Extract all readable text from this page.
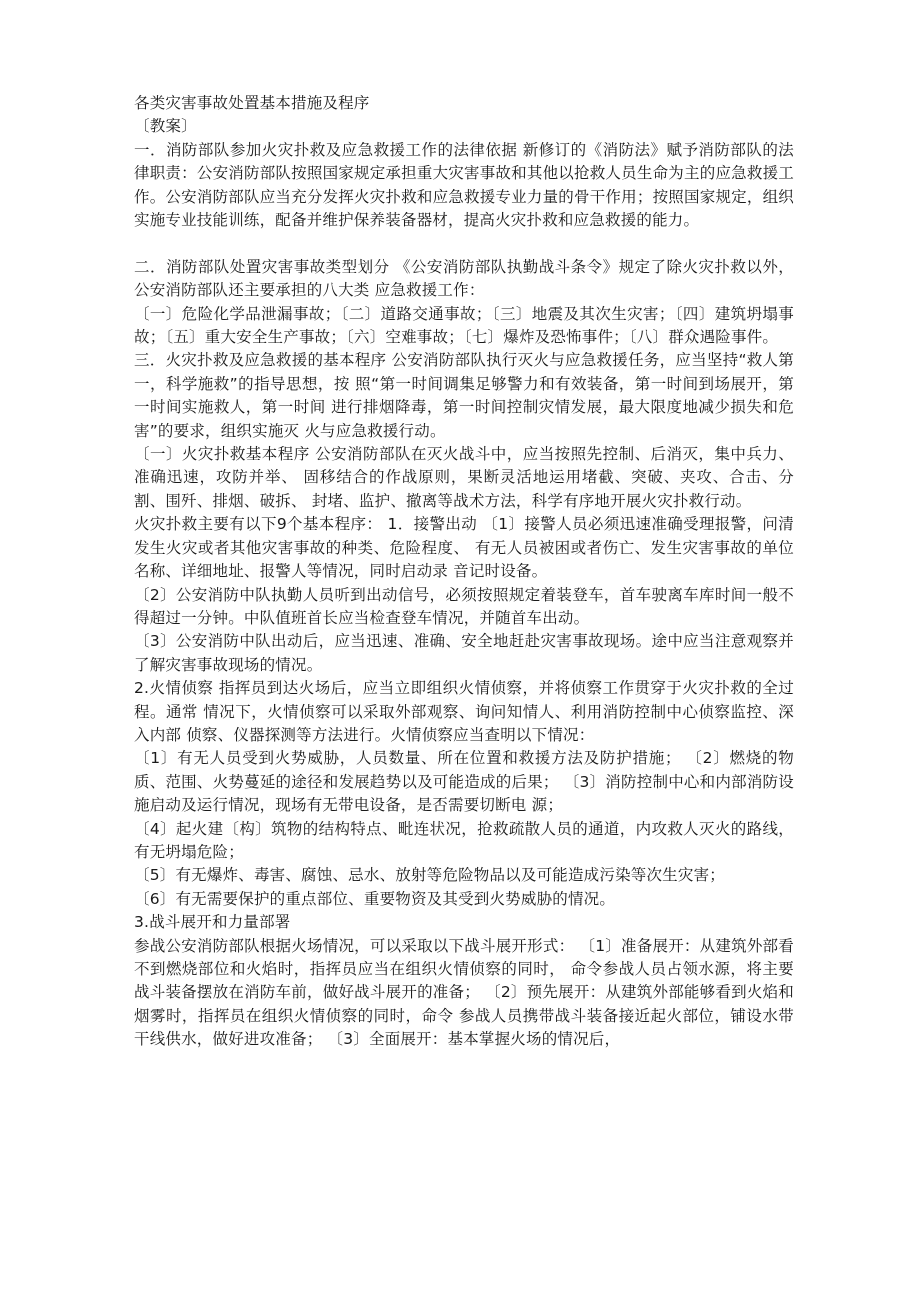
各类灾害事故处置基本措施及程序

〔教案〕

一．消防部队参加火灾扑救及应急救援工作的法律依据 新修订的《消防法》赋予消防部队的法律职责：公安消防部队按照国家规定承担重大灾害事故和其他以抢救人员生命为主的应急救援工作。公安消防部队应当充分发挥火灾扑救和应急救援专业力量的骨干作用；按照国家规定，组织实施专业技能训练，配备并维护保养装备器材，提高火灾扑救和应急救援的能力。

二．消防部队处置灾害事故类型划分 《公安消防部队执勤战斗条令》规定了除火灾扑救以外，公安消防部队还主要承担的八大类 应急救援工作：

〔一〕危险化学品泄漏事故；〔二〕道路交通事故；〔三〕地震及其次生灾害；〔四〕建筑坍塌事故；〔五〕重大安全生产事故；〔六〕空难事故；〔七〕爆炸及恐怖事件；〔八〕群众遇险事件。

三．火灾扑救及应急救援的基本程序 公安消防部队执行灭火与应急救援任务，应当坚持“救人第一，科学施救”的指导思想，按 照“第一时间调集足够警力和有效装备，第一时间到场展开，第一时间实施救人，第一时间 进行排烟降毒，第一时间控制灾情发展，最大限度地减少损失和危害”的要求，组织实施灭 火与应急救援行动。

〔一〕火灾扑救基本程序 公安消防部队在灭火战斗中，应当按照先控制、后消灭，集中兵力、准确迅速，攻防并举、 固移结合的作战原则，果断灵活地运用堵截、突破、夹攻、合击、分割、围歼、排烟、破拆、 封堵、监护、撤离等战术方法，科学有序地开展火灾扑救行动。

火灾扑救主要有以下9个基本程序： 1．接警出动 〔1〕接警人员必须迅速准确受理报警，问清发生火灾或者其他灾害事故的种类、危险程度、 有无人员被困或者伤亡、发生灾害事故的单位名称、详细地址、报警人等情况，同时启动录 音记时设备。

〔2〕公安消防中队执勤人员听到出动信号，必须按照规定着装登车，首车驶离车库时间一般不得超过一分钟。中队值班首长应当检查登车情况，并随首车出动。

〔3〕公安消防中队出动后，应当迅速、准确、安全地赶赴灾害事故现场。途中应当注意观察并了解灾害事故现场的情况。

2.火情侦察 指挥员到达火场后，应当立即组织火情侦察，并将侦察工作贯穿于火灾扑救的全过程。通常 情况下，火情侦察可以采取外部观察、询问知情人、利用消防控制中心侦察监控、深入内部 侦察、仪器探测等方法进行。火情侦察应当查明以下情况：

〔1〕有无人员受到火势威胁，人员数量、所在位置和救援方法及防护措施； 〔2〕燃烧的物质、范围、火势蔓延的途径和发展趋势以及可能造成的后果； 〔3〕消防控制中心和内部消防设施启动及运行情况，现场有无带电设备，是否需要切断电 源；

〔4〕起火建〔构〕筑物的结构特点、毗连状况，抢救疏散人员的通道，内攻救人灭火的路线，有无坍塌危险；

〔5〕有无爆炸、毒害、腐蚀、忌水、放射等危险物品以及可能造成污染等次生灾害；

〔6〕有无需要保护的重点部位、重要物资及其受到火势威胁的情况。

3.战斗展开和力量部署

参战公安消防部队根据火场情况，可以采取以下战斗展开形式： 〔1〕准备展开：从建筑外部看不到燃烧部位和火焰时，指挥员应当在组织火情侦察的同时， 命令参战人员占领水源，将主要战斗装备摆放在消防车前，做好战斗展开的准备； 〔2〕预先展开：从建筑外部能够看到火焰和烟雾时，指挥员在组织火情侦察的同时，命令 参战人员携带战斗装备接近起火部位，铺设水带干线供水，做好进攻准备； 〔3〕全面展开：基本掌握火场的情况后，
